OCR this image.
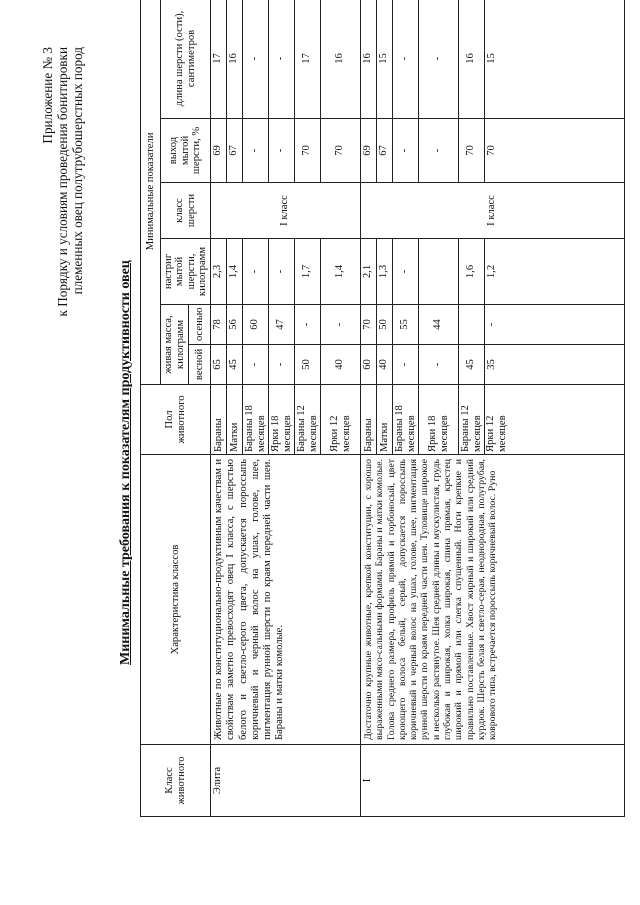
Приложение № 3 к Порядку и условиям проведения бонитировки племенных овец полутрубошерстных пород
Минимальные требования к показателям продуктивности овец
Класс животного	Характеристика классов	Пол животного	Минимальные показатели					
			живая масса, килограмм		настриг мытой шерсти, килограмм	класс шерсти	выход мытой шерсти, %	длина шерсти (ости), сантиметров
			весной	осенью				
Элита	Животные по конституционально-продуктивным качествам и свойствам заметно превосходят овец I класса, с шерстью белого и светло-серого цвета, допускается пороссыпь коричневый и черный волос на ушах, голове, шее, пигментация рунной шерсти по краям передней части шеи. Бараны и матки комолые.	Бараны	65	78	2,3	I класс	69	17
		Матки	45	56	1,4		67	16
		Бараны 18 месяцев	-	60	-		-	-
		Ярки 18 месяцев	-	47	-		-	-
		Бараны 12 месяцев	50	-	1,7		70	17
		Ярки 12 месяцев	40	-	1,4		70	16
I	Достаточно крупные животные, крепкой конституции, с хорошо выраженными мясо-сальными формами. Бараны и матки комолые. Голова среднего размера, профиль прямой и горбоносый, цвет кроющего волоса белый, серый, допускается пороссыпь коричневый и черный волос на ушах, голове, шее, пигментация рунной шерсти по краям передней части шеи. Туловище широкое и несколько растянутое. Шея средней длины и мускулистая, грудь глубокая и широкая, холка широкая, спина прямая, крестец широкий и прямой или слегка спущенный. Ноги крепкие и правильно поставленные. Хвост жирный и широкий или средний курдюк. Шерсть белая и светло-серая, неоднородная, полугрубая, коврового типа, встречается пороссыпь коричневый волос. Руно	Бараны	60	70	2,1	I класс	69	16
		Матки	40	50	1,3		67	15
		Бараны 18 месяцев	-	55	-		-	-
		Ярки 18 месяцев	-	44			-	-
		Бараны 12 месяцев	45		1,6		70	16
		Ярки 12 месяцев	35	-	1,2		70	15
